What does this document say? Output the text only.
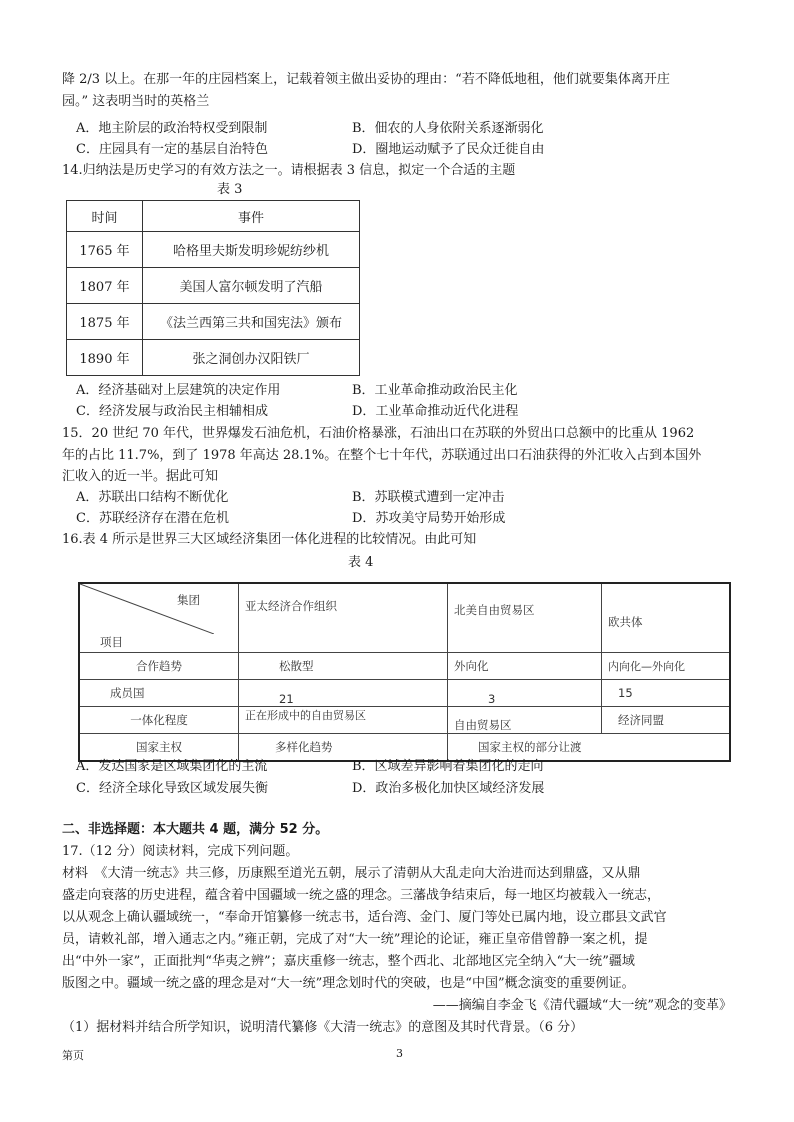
降 2/3 以上。在那一年的庄园档案上，记载着领主做出妥协的理由：“若不降低地租，他们就要集体离开庄
园。” 这表明当时的英格兰
A．地主阶层的政治特权受到限制	B．佃农的人身依附关系逐渐弱化
C．庄园具有一定的基层自治特色	D．圈地运动赋予了民众迁徙自由
14.归纳法是历史学习的有效方法之一。请根据表 3 信息，拟定一个合适的主题
表 3
时间	事件
1765 年	哈格里夫斯发明珍妮纺纱机
1807 年	美国人富尔顿发明了汽船
1875 年	《法兰西第三共和国宪法》颁布
1890 年	张之洞创办汉阳铁厂
A．经济基础对上层建筑的决定作用	B．工业革命推动政治民主化
C．经济发展与政治民主相辅相成	D．工业革命推动近代化进程
15．20 世纪 70 年代，世界爆发石油危机，石油价格暴涨，石油出口在苏联的外贸出口总额中的比重从 1962
年的占比 11.7%，到了 1978 年高达 28.1%。在整个七十年代，苏联通过出口石油获得的外汇收入占到本国外
汇收入的近一半。据此可知
A．苏联出口结构不断优化	B．苏联模式遭到一定冲击
C．苏联经济存在潜在危机	D．苏攻美守局势开始形成
16.表 4 所示是世界三大区域经济集团一体化进程的比较情况。由此可知
表 4
集团
项目	亚太经济合作组织	北美自由贸易区	欧共体
合作趋势	松散型	外向化	内向化—外向化
成员国	21	3	15
一体化程度	正在形成中的自由贸易区	自由贸易区	经济同盟
国家主权	多样化趋势	国家主权的部分让渡	
A．发达国家是区域集团化的主流	B．区域差异影响着集团化的走向
C．经济全球化导致区域发展失衡	D．政治多极化加快区域经济发展
二、非选择题：本大题共 4 题，满分 52 分。
17.（12 分）阅读材料，完成下列问题。
材料　《大清一统志》共三修，历康熙至道光五朝，展示了清朝从大乱走向大治进而达到鼎盛，又从鼎
盛走向衰落的历史进程，蕴含着中国疆域一统之盛的理念。三藩战争结束后，每一地区均被载入一统志，
以从观念上确认疆域统一，“奉命开馆纂修一统志书，适台湾、金门、厦门等处已属内地，设立郡县文武官
员，请敕礼部，增入通志之内。”雍正朝，完成了对“大一统”理论的论证，雍正皇帝借曾静一案之机，提
出“中外一家”，正面批判“华夷之辨”；嘉庆重修一统志，整个西北、北部地区完全纳入“大一统”疆域
版图之中。疆域一统之盛的理念是对“大一统”理念划时代的突破，也是“中国”概念演变的重要例证。
——摘编自李金飞《清代疆域“大一统”观念的变革》
（1）据材料并结合所学知识，说明清代纂修《大清一统志》的意图及其时代背景。（6 分）
第页	3
